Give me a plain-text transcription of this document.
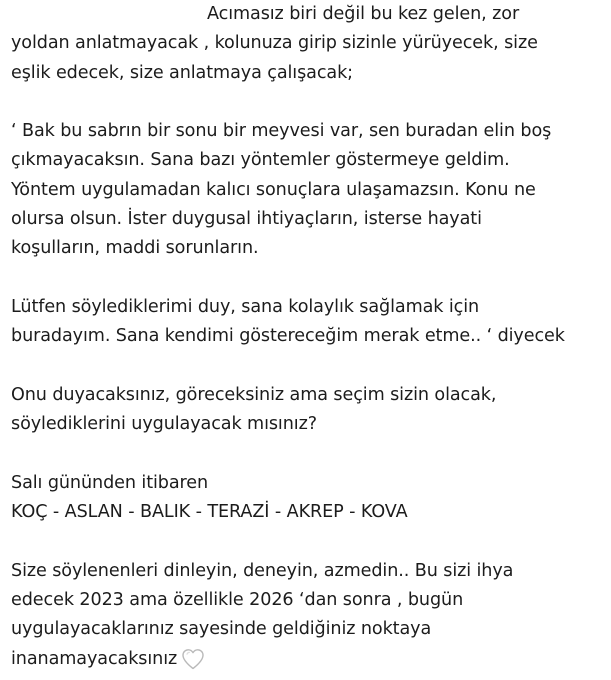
Acımasız biri değil bu kez gelen, zor
yoldan anlatmayacak , kolunuza girip sizinle yürüyecek, size
eşlik edecek, size anlatmaya çalışacak;
‘ Bak bu sabrın bir sonu bir meyvesi var, sen buradan elin boş
çıkmayacaksın. Sana bazı yöntemler göstermeye geldim.
Yöntem uygulamadan kalıcı sonuçlara ulaşamazsın. Konu ne
olursa olsun. İster duygusal ihtiyaçların, isterse hayati
koşulların, maddi sorunların.
Lütfen söylediklerimi duy, sana kolaylık sağlamak için
buradayım. Sana kendimi göstereceğim merak etme.. ‘ diyecek
Onu duyacaksınız, göreceksiniz ama seçim sizin olacak,
söylediklerini uygulayacak mısınız?
Salı gününden itibaren
KOÇ - ASLAN - BALIK - TERAZİ - AKREP - KOVA
Size söylenenleri dinleyin, deneyin, azmedin.. Bu sizi ihya
edecek 2023 ama özellikle 2026 ‘dan sonra , bugün
uygulayacaklarınız sayesinde geldiğiniz noktaya
inanamayacaksınız
